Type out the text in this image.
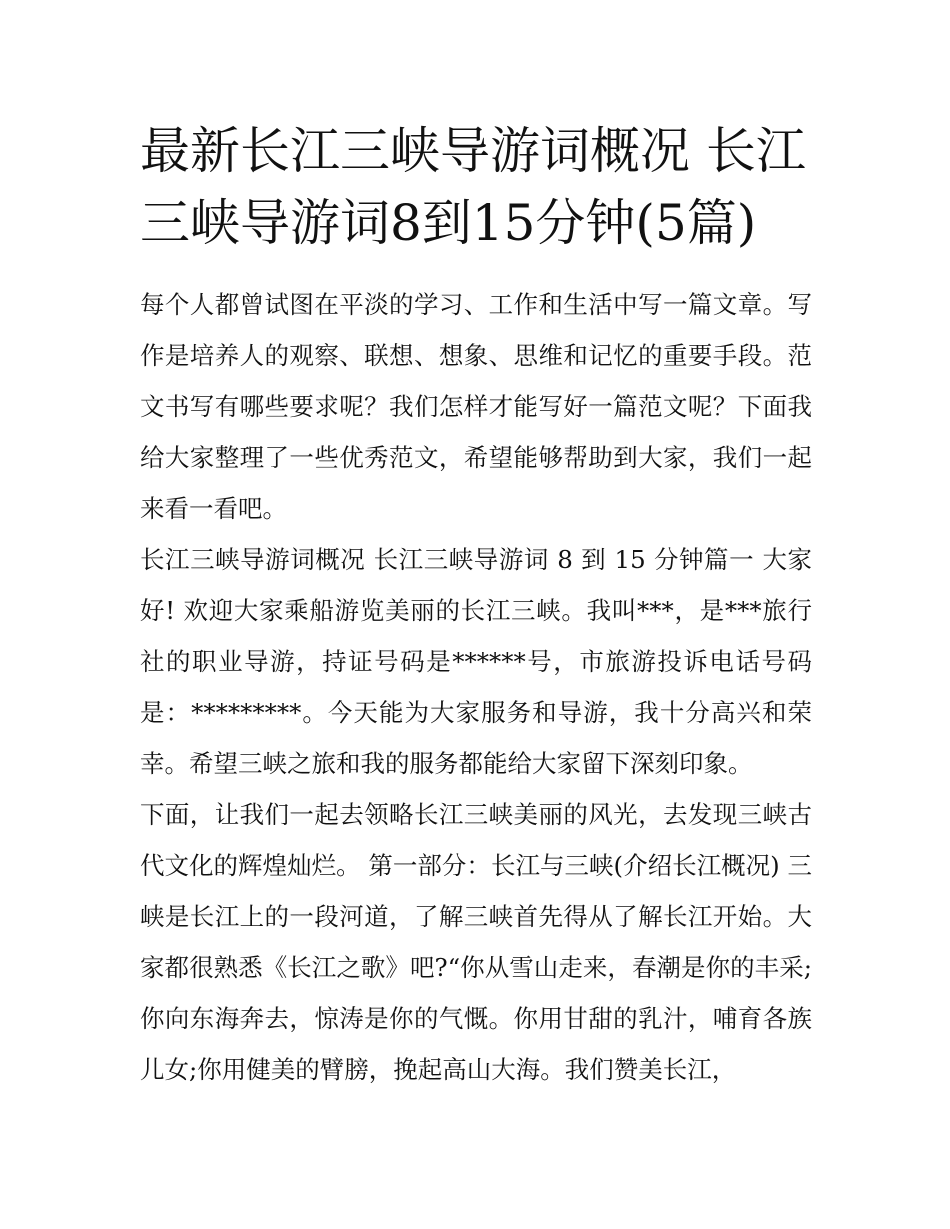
最新长江三峡导游词概况 长江三峡导游词8到15分钟(5篇)

每个人都曾试图在平淡的学习、工作和生活中写一篇文章。写作是培养人的观察、联想、想象、思维和记忆的重要手段。范文书写有哪些要求呢？我们怎样才能写好一篇范文呢？下面我给大家整理了一些优秀范文，希望能够帮助到大家，我们一起来看一看吧。

长江三峡导游词概况 长江三峡导游词 8 到 15 分钟篇一 大家好! 欢迎大家乘船游览美丽的长江三峡。我叫***，是***旅行社的职业导游，持证号码是******号，市旅游投诉电话号码是：*********。今天能为大家服务和导游，我十分高兴和荣幸。希望三峡之旅和我的服务都能给大家留下深刻印象。

下面，让我们一起去领略长江三峡美丽的风光，去发现三峡古代文化的辉煌灿烂。 第一部分：长江与三峡(介绍长江概况) 三峡是长江上的一段河道，了解三峡首先得从了解长江开始。大家都很熟悉《长江之歌》吧?“你从雪山走来，春潮是你的丰采;你向东海奔去，惊涛是你的气慨。你用甘甜的乳汁，哺育各族儿女;你用健美的臂膀，挽起高山大海。我们赞美长江，
